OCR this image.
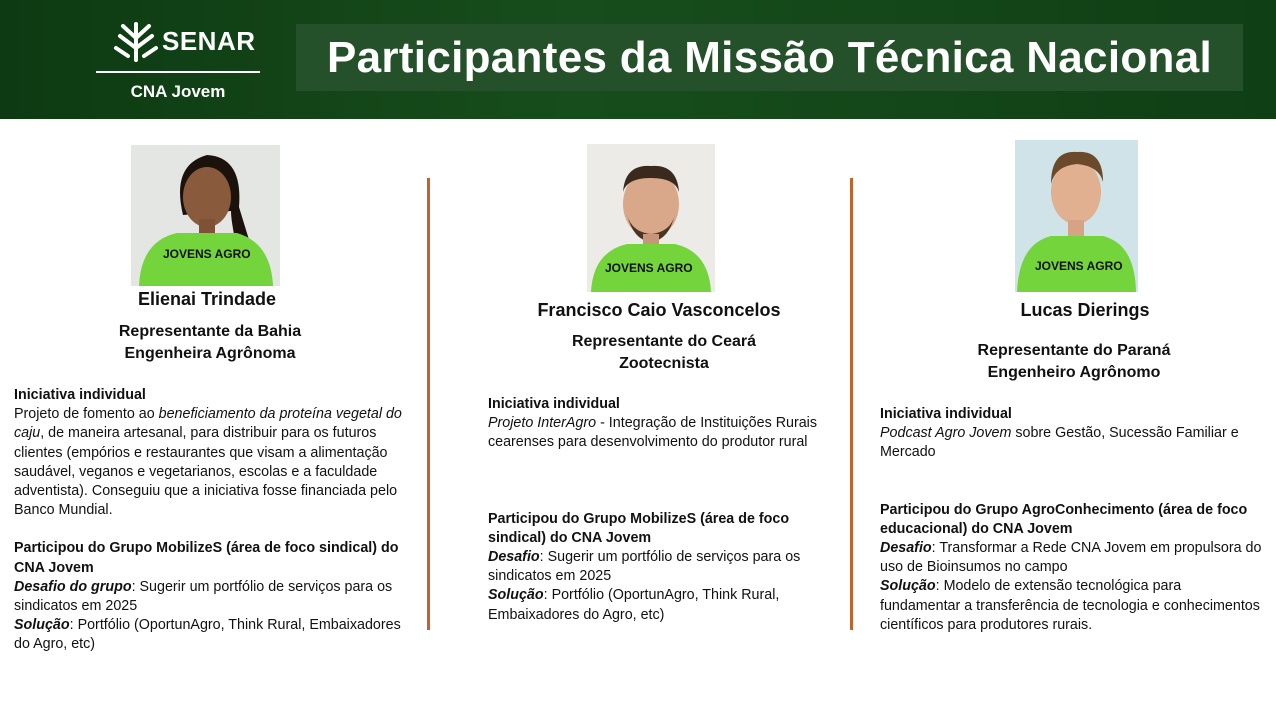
SENAR
CNA Jovem
Participantes da Missão Técnica Nacional
JOVENS AGRO
Elienai Trindade
Representante da Bahia
Engenheira Agrônoma
Iniciativa individual
Projeto de fomento ao beneficiamento da proteína vegetal do caju, de maneira artesanal, para distribuir para os futuros clientes (empórios e restaurantes que visam a alimentação saudável, veganos e vegetarianos, escolas e a faculdade adventista). Conseguiu que a iniciativa fosse financiada pelo Banco Mundial.
Participou do Grupo MobilizeS (área de foco sindical) do CNA Jovem
Desafio do grupo: Sugerir um portfólio de serviços para os sindicatos em 2025
Solução: Portfólio (OportunAgro, Think Rural, Embaixadores do Agro, etc)
JOVENS AGRO
Francisco Caio Vasconcelos
Representante do Ceará
Zootecnista
Iniciativa individual
Projeto InterAgro - Integração de Instituições Rurais cearenses para desenvolvimento do produtor rural
Participou do Grupo MobilizeS (área de foco sindical) do CNA Jovem
Desafio: Sugerir um portfólio de serviços para os sindicatos em 2025
Solução: Portfólio (OportunAgro, Think Rural, Embaixadores do Agro, etc)
JOVENS AGRO
Lucas Dierings
Representante do Paraná
Engenheiro Agrônomo
Iniciativa individual
Podcast Agro Jovem sobre Gestão, Sucessão Familiar e Mercado
Participou do Grupo AgroConhecimento (área de foco educacional) do CNA Jovem
Desafio: Transformar a Rede CNA Jovem em propulsora do uso de Bioinsumos no campo
Solução: Modelo de extensão tecnológica para fundamentar a transferência de tecnologia e conhecimentos científicos para produtores rurais.
